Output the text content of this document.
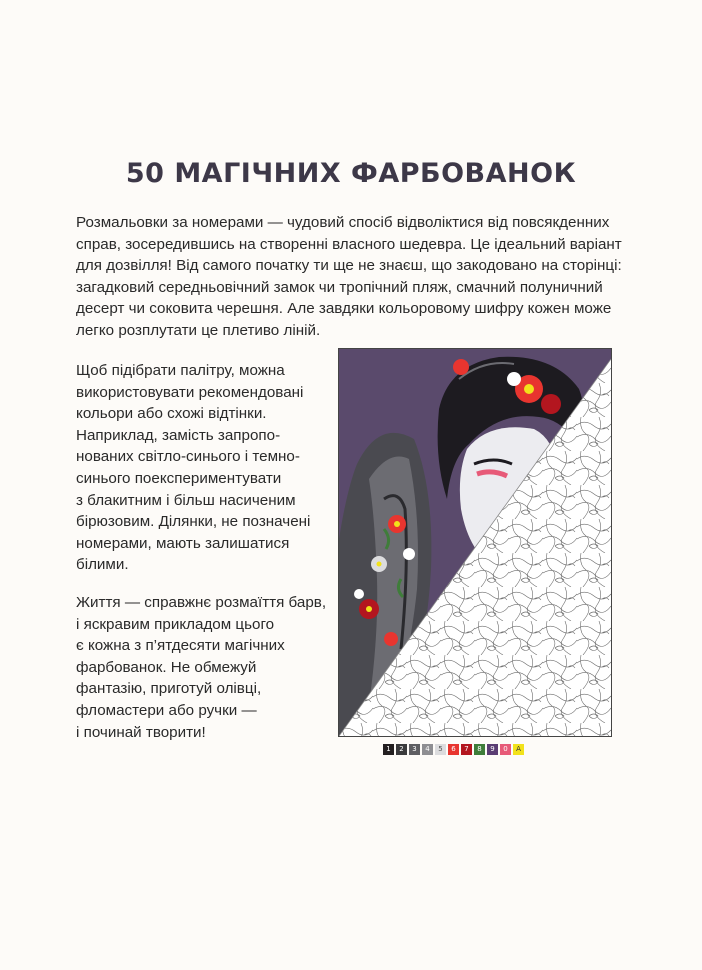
50 МАГІЧНИХ ФАРБОВАНОК

Розмальовки за номерами — чудовий спосіб відволіктися від повсякденних
справ, зосередившись на створенні власного шедевра. Це ідеальний варіант
для дозвілля! Від самого початку ти ще не знаєш, що закодовано на сторінці:
загадковий середньовічний замок чи тропічний пляж, смачний полуничний
десерт чи соковита черешня. Але завдяки кольоровому шифру кожен може
легко розплутати це плетиво ліній.

Щоб підібрати палітру, можна
використовувати рекомендовані
кольори або схожі відтінки.
Наприклад, замість запропо-
нованих світло-синього і темно-
синього поекспериментувати
з блакитним і більш насиченим
бірюзовим. Ділянки, не позначені
номерами, мають залишатися
білими.

Життя — справжнє розмаїття барв,
і яскравим прикладом цього
є кожна з п’ятдесяти магічних
фарбованок. Не обмежуй
фантазію, приготуй олівці,
фломастери або ручки —
і починай творити!

1	2	3	4	5	6	7	8	9	0	A
